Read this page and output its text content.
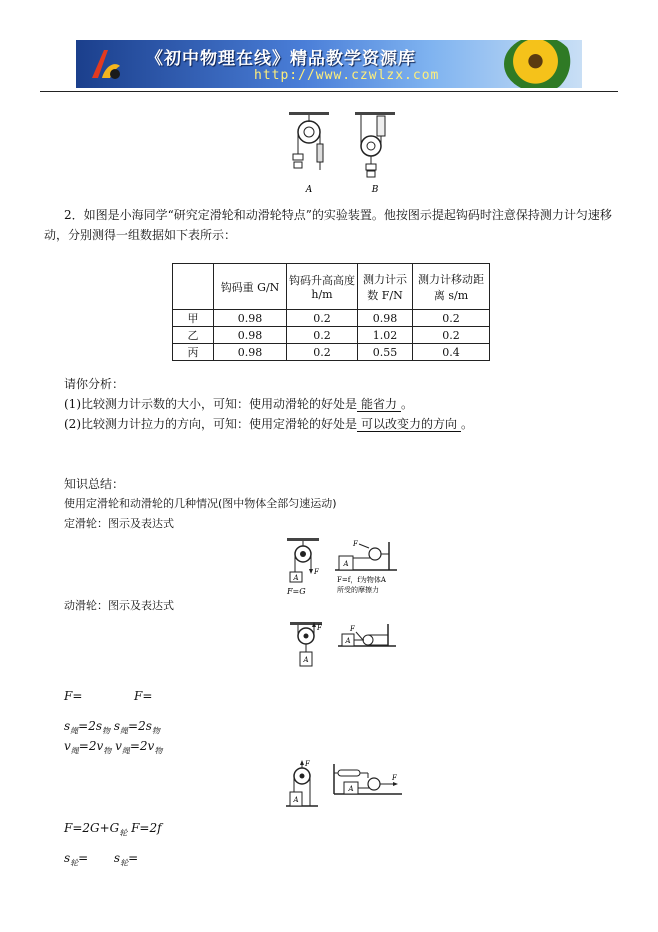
《初中物理在线》精品教学资源库
http://www.czwlzx.com
A	B
2．如图是小海同学“研究定滑轮和动滑轮特点”的实验装置。他按图示提起钩码时注意保持测力计匀速移
动，分别测得一组数据如下表所示：
	钩码重 G/N	钩码升高高度 h/m	测力计示数 F/N	测力计移动距离 s/m
甲	0.98	0.2	0.98	0.2
乙	0.98	0.2	1.02	0.2
丙	0.98	0.2	0.55	0.4
请你分析：
(1)比较测力计示数的大小，可知：使用动滑轮的好处是 能省力 。
(2)比较测力计拉力的方向，可知：使用定滑轮的好处是 可以改变力的方向 。
知识总结：
使用定滑轮和动滑轮的几种情况(图中物体全部匀速运动)
定滑轮：图示及表达式
A
F
F=G
A
F
F=f，f为物体A
所受的摩擦力
动滑轮：图示及表达式
F
A
A
F
F=	F=
$s_绳=2s_物$ $s_绳=2s_物$
$v_绳=2v_物$ $v_绳=2v_物$
A
F
A
F
$F=2G+G_轮$ F=2f
$s_轮= s_轮=$
